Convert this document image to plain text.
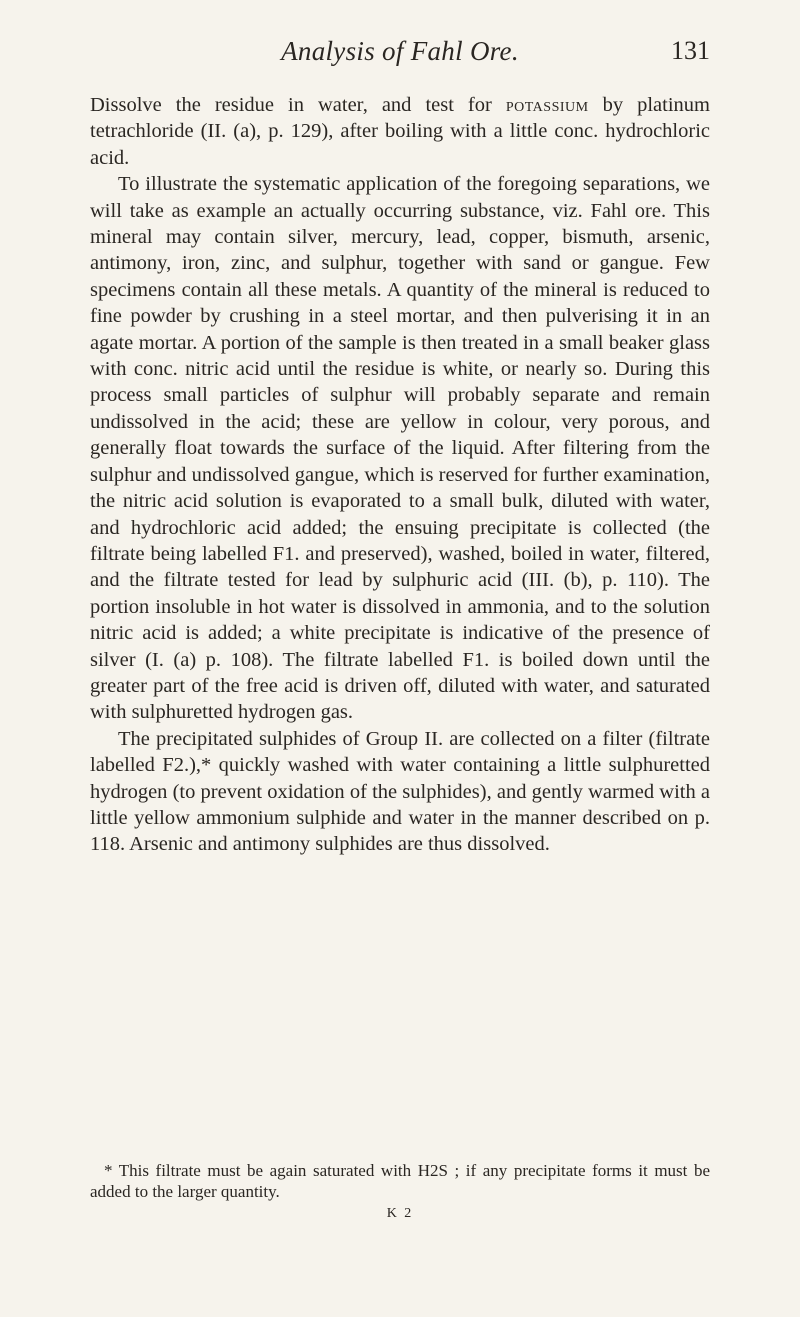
Analysis of Fahl Ore.	131

Dissolve the residue in water, and test for potassium by platinum tetrachloride (II. (a), p. 129), after boiling with a little conc. hydrochloric acid.

To illustrate the systematic application of the foregoing separations, we will take as example an actually occurring substance, viz. Fahl ore. This mineral may contain silver, mercury, lead, copper, bismuth, arsenic, antimony, iron, zinc, and sulphur, together with sand or gangue. Few specimens contain all these metals. A quantity of the mineral is reduced to fine powder by crushing in a steel mortar, and then pulverising it in an agate mortar. A portion of the sample is then treated in a small beaker glass with conc. nitric acid until the residue is white, or nearly so. During this process small particles of sulphur will probably separate and remain undissolved in the acid; these are yellow in colour, very porous, and generally float towards the surface of the liquid. After filtering from the sulphur and undissolved gangue, which is reserved for further examination, the nitric acid solution is evaporated to a small bulk, diluted with water, and hydrochloric acid added; the ensuing precipitate is collected (the filtrate being labelled F1. and preserved), washed, boiled in water, filtered, and the filtrate tested for lead by sulphuric acid (III. (b), p. 110). The portion insoluble in hot water is dissolved in ammonia, and to the solution nitric acid is added; a white precipitate is indicative of the presence of silver (I. (a) p. 108). The filtrate labelled F1. is boiled down until the greater part of the free acid is driven off, diluted with water, and saturated with sulphuretted hydrogen gas.

The precipitated sulphides of Group II. are collected on a filter (filtrate labelled F2.),* quickly washed with water containing a little sulphuretted hydrogen (to prevent oxidation of the sulphides), and gently warmed with a little yellow ammonium sulphide and water in the manner described on p. 118. Arsenic and antimony sulphides are thus dissolved.

* This filtrate must be again saturated with H2S ; if any precipitate forms it must be added to the larger quantity.
K 2
